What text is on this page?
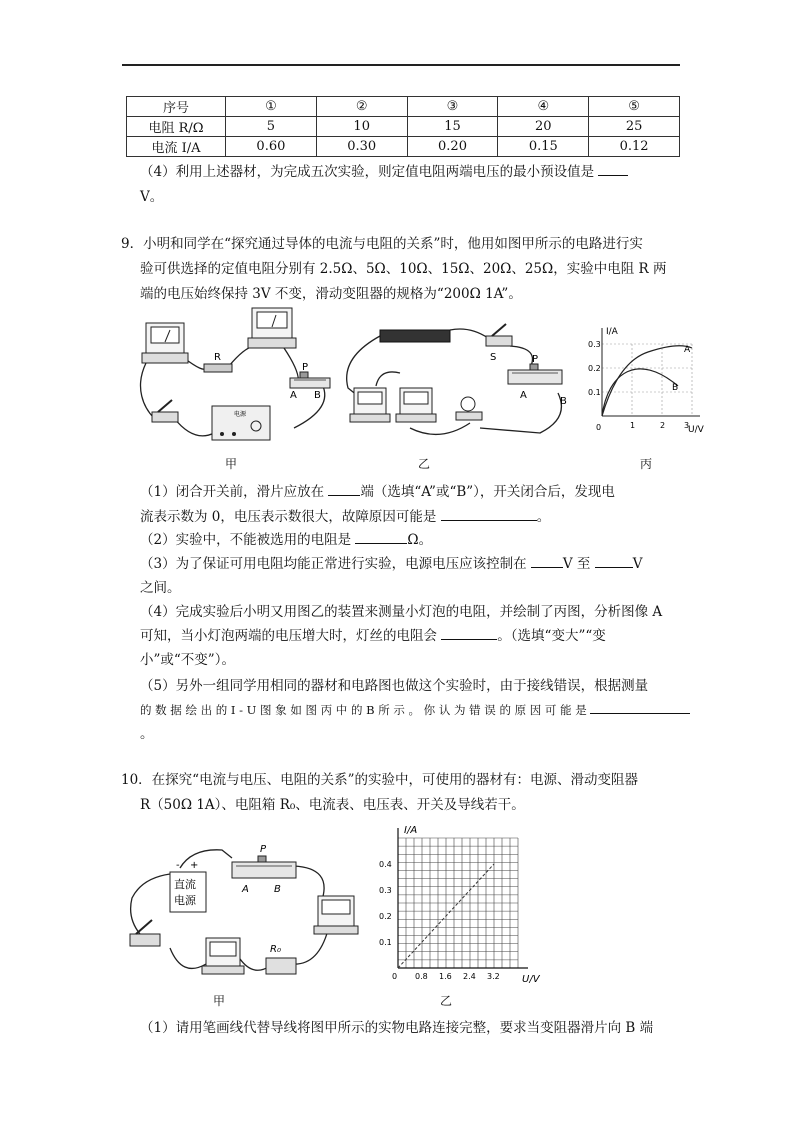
序号	①	②	③	④	⑤
电阻 R/Ω	5	10	15	20	25
电流 I/A	0.60	0.30	0.20	0.15	0.12
（4）利用上述器材，为完成五次实验，则定值电阻两端电压的最小预设值是
V。
9．小明和同学在“探究通过导体的电流与电阻的关系”时，他用如图甲所示的电路进行实
验可供选择的定值电阻分别有 2.5Ω、5Ω、10Ω、15Ω、20Ω、25Ω，实验中电阻 R 两
端的电压始终保持 3V 不变，滑动变阻器的规格为“200Ω 1A”。
R
P
A B
电源
S	P
A
B
I/A
U/V
0
0.1
0.2
0.3
1	2 3
A
B
甲	乙	丙
（1）闭合开关前，滑片应放在	端（选填“A”或“B”），开关闭合后，发现电
流表示数为 0，电压表示数很大，故障原因可能是	。
（2）实验中，不能被选用的电阻是	Ω。
（3）为了保证可用电阻均能正常进行实验，电源电压应该控制在	V 至	V
之间。
（4）完成实验后小明又用图乙的装置来测量小灯泡的电阻，并绘制了丙图，分析图像 A
可知，当小灯泡两端的电压增大时，灯丝的电阻会	。（选填“变大”“变
小”或“不变”）。
（5）另外一组同学用相同的器材和电路图也做这个实验时，由于接线错误，根据测量
的 数 据 绘 出 的 I - U 图 象 如 图 丙 中 的 B 所 示 。 你 认 为 错 误 的 原 因 可 能 是
。
10．在探究“电流与电压、电阻的关系”的实验中，可使用的器材有：电源、滑动变阻器
R（50Ω 1A）、电阻箱 R₀、电流表、电压表、开关及导线若干。
- +
直流
电源
P
A	B
R₀
0 0.8 1.6 2.4 3.2
0.1
0.2
0.3
0.4
I/A
U/V
甲	乙
（1）请用笔画线代替导线将图甲所示的实物电路连接完整，要求当变阻器滑片向 B 端
